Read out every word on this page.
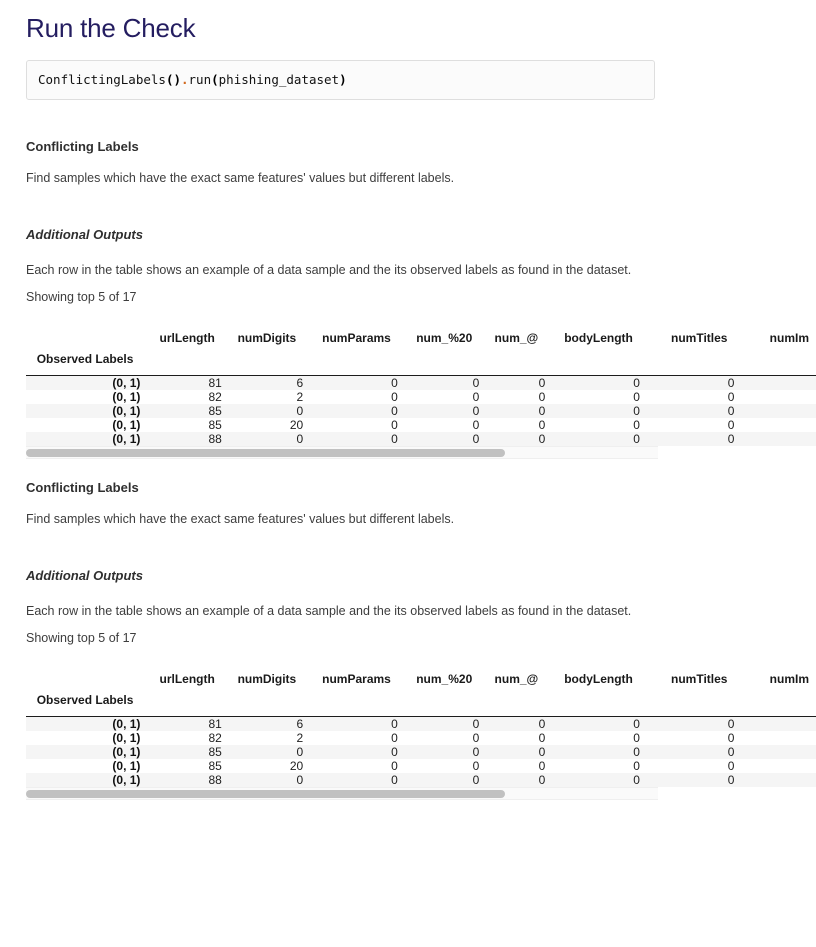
Run the Check
ConflictingLabels().run(phishing_dataset)
Conflicting Labels

Find samples which have the exact same features' values but different labels.

Additional Outputs

Each row in the table shows an example of a data sample and the its observed labels as found in the dataset. Showing top 5 of 17

	urlLength	numDigits	numParams	num_%20	num_@	bodyLength	numTitles	numIm
Observed Labels								
(0, 1)	81	6	0	0	0	0	0	
(0, 1)	82	2	0	0	0	0	0	
(0, 1)	85	0	0	0	0	0	0	
(0, 1)	85	20	0	0	0	0	0	
(0, 1)	88	0	0	0	0	0	0	
Conflicting Labels

Find samples which have the exact same features' values but different labels.

Additional Outputs

Each row in the table shows an example of a data sample and the its observed labels as found in the dataset. Showing top 5 of 17

	urlLength	numDigits	numParams	num_%20	num_@	bodyLength	numTitles	numIm
Observed Labels								
(0, 1)	81	6	0	0	0	0	0	
(0, 1)	82	2	0	0	0	0	0	
(0, 1)	85	0	0	0	0	0	0	
(0, 1)	85	20	0	0	0	0	0	
(0, 1)	88	0	0	0	0	0	0	
